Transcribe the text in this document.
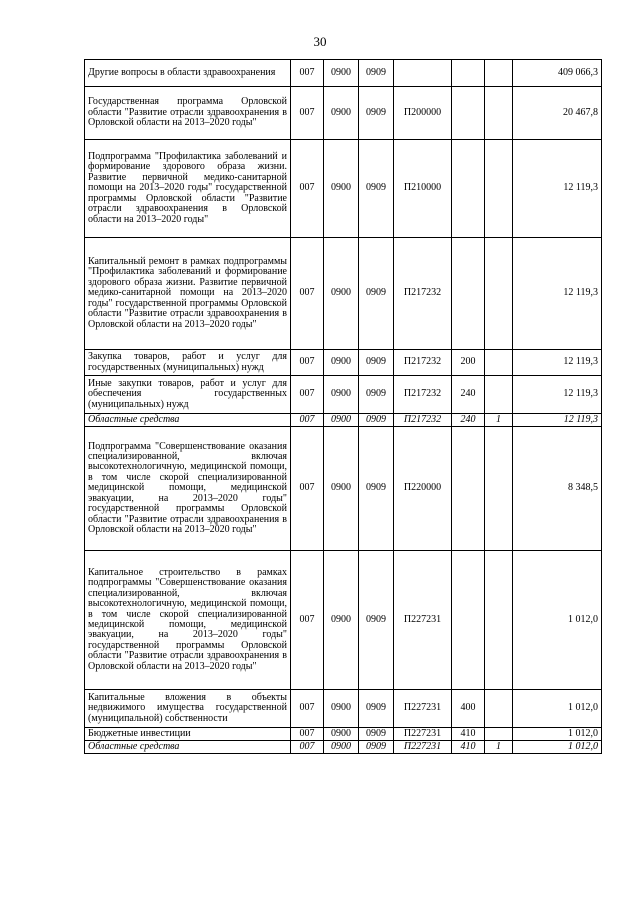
30
Другие вопросы в области здравоохранения	007	0900	0909				409 066,3
Государственная программа Орловской области "Развитие отрасли здравоохранения в Орловской области на 2013–2020 годы"	007	0900	0909	П200000			20 467,8
Подпрограмма "Профилактика заболеваний и формирование здорового образа жизни. Развитие первичной медико-санитарной помощи на 2013–2020 годы" государственной программы Орловской области "Развитие отрасли здравоохранения в Орловской области на 2013–2020 годы"	007	0900	0909	П210000			12 119,3
Капитальный ремонт в рамках подпрограммы "Профилактика заболеваний и формирование здорового образа жизни. Развитие первичной медико-санитарной помощи на 2013–2020 годы" государственной программы Орловской области "Развитие отрасли здравоохранения в Орловской области на 2013–2020 годы"	007	0900	0909	П217232			12 119,3
Закупка товаров, работ и услуг для государственных (муниципальных) нужд	007	0900	0909	П217232	200		12 119,3
Иные закупки товаров, работ и услуг для обеспечения государственных (муниципальных) нужд	007	0900	0909	П217232	240		12 119,3
Областные средства	007	0900	0909	П217232	240	1	12 119,3
Подпрограмма "Совершенствование оказания специализированной, включая высокотехнологичную, медицинской помощи, в том числе скорой специализированной медицинской помощи, медицинской эвакуации, на 2013–2020 годы" государственной программы Орловской области "Развитие отрасли здравоохранения в Орловской области на 2013–2020 годы"	007	0900	0909	П220000			8 348,5
Капитальное строительство в рамках подпрограммы "Совершенствование оказания специализированной, включая высокотехнологичную, медицинской помощи, в том числе скорой специализированной медицинской помощи, медицинской эвакуации, на 2013–2020 годы" государственной программы Орловской области "Развитие отрасли здравоохранения в Орловской области на 2013–2020 годы"	007	0900	0909	П227231			1 012,0
Капитальные вложения в объекты недвижимого имущества государственной (муниципальной) собственности	007	0900	0909	П227231	400		1 012,0
Бюджетные инвестиции	007	0900	0909	П227231	410		1 012,0
Областные средства	007	0900	0909	П227231	410	1	1 012,0
